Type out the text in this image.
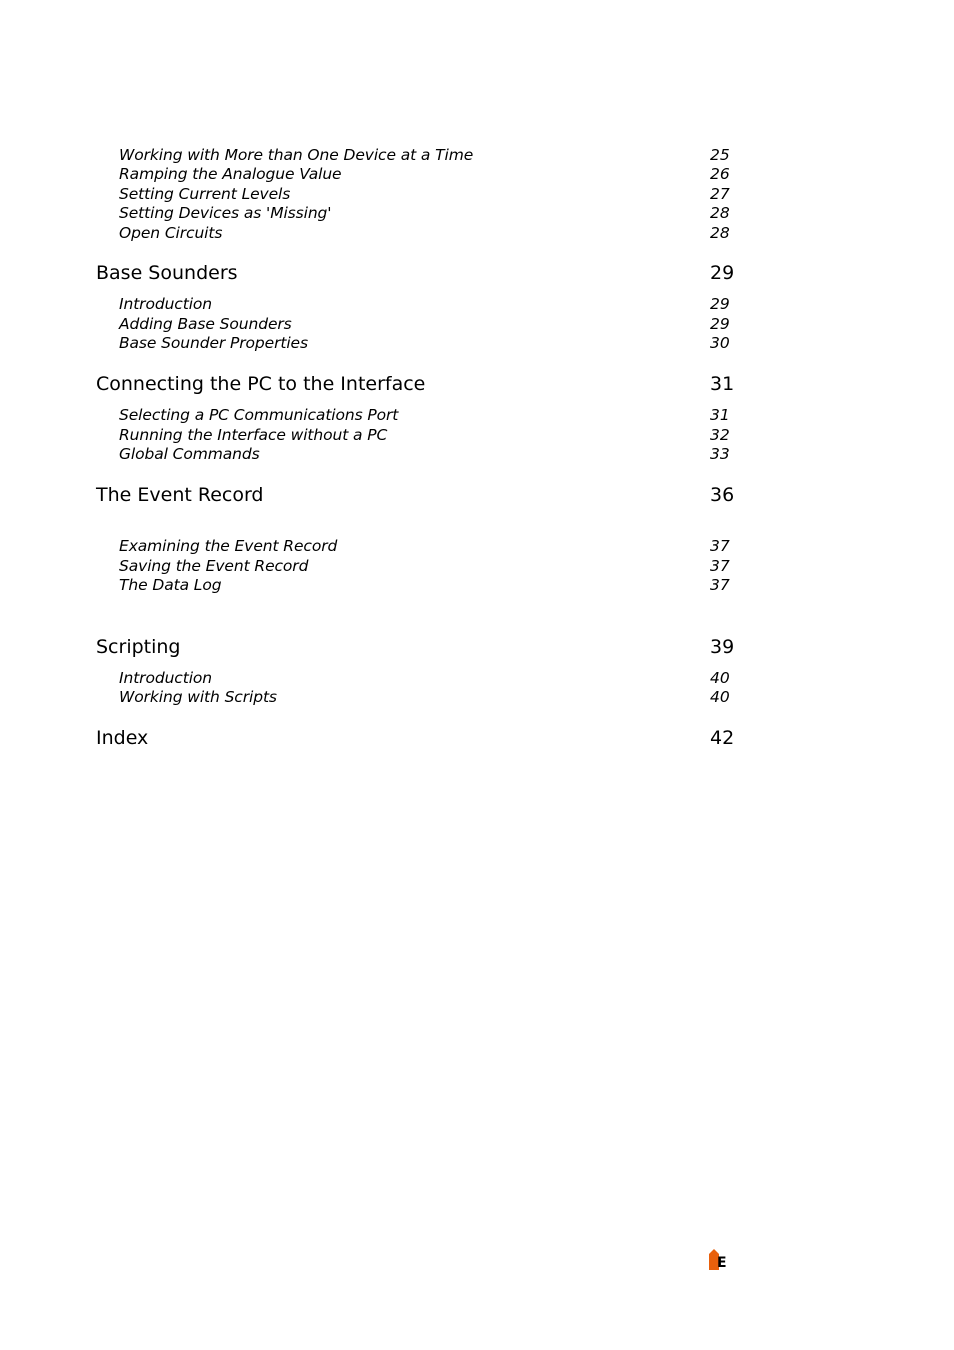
Working with More than One Device at a Time	25
Ramping the Analogue Value	26
Setting Current Levels	27
Setting Devices as 'Missing'	28
Open Circuits	28
Base Sounders	29
Introduction	29
Adding Base Sounders	29
Base Sounder Properties	30
Connecting the PC to the Interface	31
Selecting a PC Communications Port	31
Running the Interface without a PC	32
Global Commands	33
The Event Record	36
Examining the Event Record	37
Saving the Event Record	37
The Data Log	37
Scripting	39
Introduction	40
Working with Scripts	40
Index	42
E
